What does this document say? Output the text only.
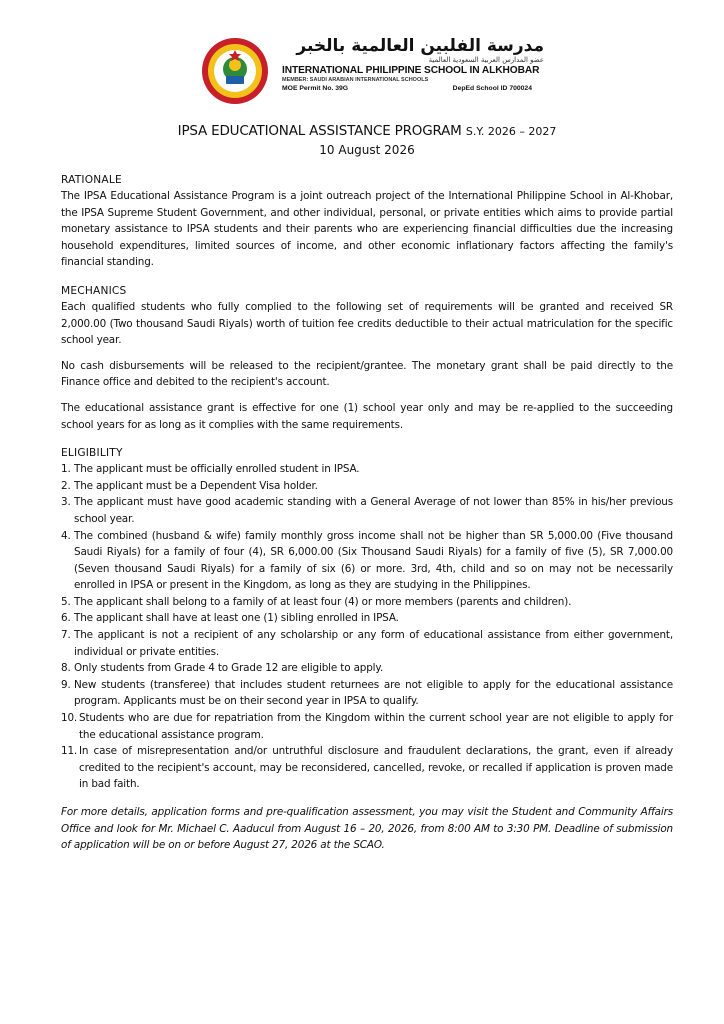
مدرسة الفلبين العالمية بالخبر
عضو المدارس العربية السعودية العالمية
INTERNATIONAL PHILIPPINE SCHOOL IN ALKHOBAR
MEMBER: SAUDI ARABIAN INTERNATIONAL SCHOOLS
MOE Permit No. 39G	DepEd School ID 700024
IPSA EDUCATIONAL ASSISTANCE PROGRAM S.Y. 2026 – 2027
10 August 2026
RATIONALE

The IPSA Educational Assistance Program is a joint outreach project of the International Philippine School in Al-Khobar, the IPSA Supreme Student Government, and other individual, personal, or private entities which aims to provide partial monetary assistance to IPSA students and their parents who are experiencing financial difficulties due the increasing household expenditures, limited sources of income, and other economic inflationary factors affecting the family's financial standing.

MECHANICS

Each qualified students who fully complied to the following set of requirements will be granted and received SR 2,000.00 (Two thousand Saudi Riyals) worth of tuition fee credits deductible to their actual matriculation for the specific school year.

No cash disbursements will be released to the recipient/grantee. The monetary grant shall be paid directly to the Finance office and debited to the recipient's account.

The educational assistance grant is effective for one (1) school year only and may be re-applied to the succeeding school years for as long as it complies with the same requirements.

ELIGIBILITY
1. The applicant must be officially enrolled student in IPSA.
2. The applicant must be a Dependent Visa holder.
3. The applicant must have good academic standing with a General Average of not lower than 85% in his/her previous school year.
4. The combined (husband & wife) family monthly gross income shall not be higher than SR 5,000.00 (Five thousand Saudi Riyals) for a family of four (4), SR 6,000.00 (Six Thousand Saudi Riyals) for a family of five (5), SR 7,000.00 (Seven thousand Saudi Riyals) for a family of six (6) or more. 3rd, 4th, child and so on may not be necessarily enrolled in IPSA or present in the Kingdom, as long as they are studying in the Philippines.
5. The applicant shall belong to a family of at least four (4) or more members (parents and children).
6. The applicant shall have at least one (1) sibling enrolled in IPSA.
7. The applicant is not a recipient of any scholarship or any form of educational assistance from either government, individual or private entities.
8. Only students from Grade 4 to Grade 12 are eligible to apply.
9. New students (transferee) that includes student returnees are not eligible to apply for the educational assistance program. Applicants must be on their second year in IPSA to qualify.
10. Students who are due for repatriation from the Kingdom within the current school year are not eligible to apply for the educational assistance program.
11. In case of misrepresentation and/or untruthful disclosure and fraudulent declarations, the grant, even if already credited to the recipient's account, may be reconsidered, cancelled, revoke, or recalled if application is proven made in bad faith.
For more details, application forms and pre-qualification assessment, you may visit the Student and Community Affairs Office and look for Mr. Michael C. Aaducul from August 16 – 20, 2026, from 8:00 AM to 3:30 PM. Deadline of submission of application will be on or before August 27, 2026 at the SCAO.
